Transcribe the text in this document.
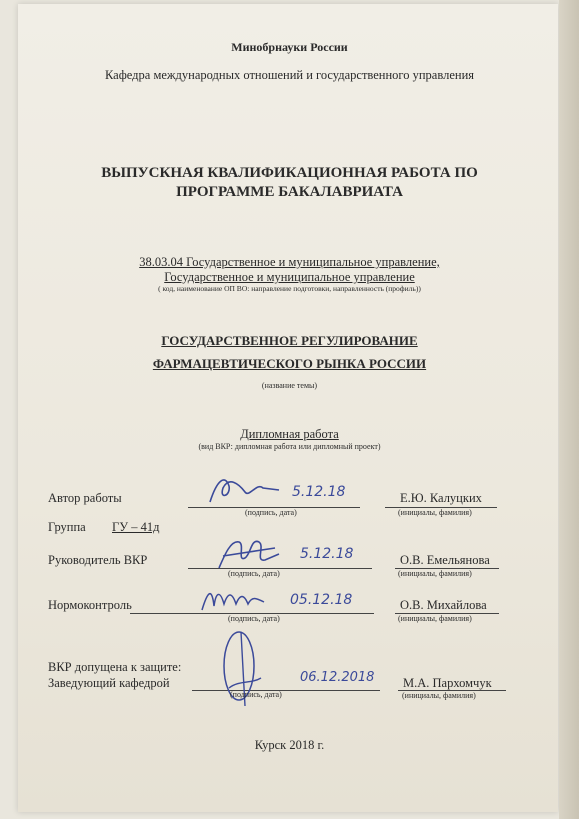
Минобрнауки России
Кафедра международных отношений и государственного управления
ВЫПУСКНАЯ КВАЛИФИКАЦИОННАЯ РАБОТА ПО
ПРОГРАММЕ БАКАЛАВРИАТА
38.03.04 Государственное и муниципальное управление,
Государственное и муниципальное управление
( код, наименование ОП ВО: направление подготовки, направленность (профиль))
ГОСУДАРСТВЕННОЕ РЕГУЛИРОВАНИЕ
ФАРМАЦЕВТИЧЕСКОГО РЫНКА РОССИИ
(название темы)
Дипломная работа
(вид ВКР: дипломная работа или дипломный проект)
Автор работы	5.12.18
(подпись, дата)
Е.Ю. Калуцких
(инициалы, фамилия)
Группа ГУ – 41д
Руководитель ВКР	5.12.18
(подпись, дата)
О.В. Емельянова
(инициалы, фамилия)
Нормоконтроль	05.12.18
(подпись, дата)
О.В. Михайлова
(инициалы, фамилия)
ВКР допущена к защите:
Заведующий кафедрой	06.12.2018
(подпись, дата)
М.А. Пархомчук
(инициалы, фамилия)
Курск 2018 г.
